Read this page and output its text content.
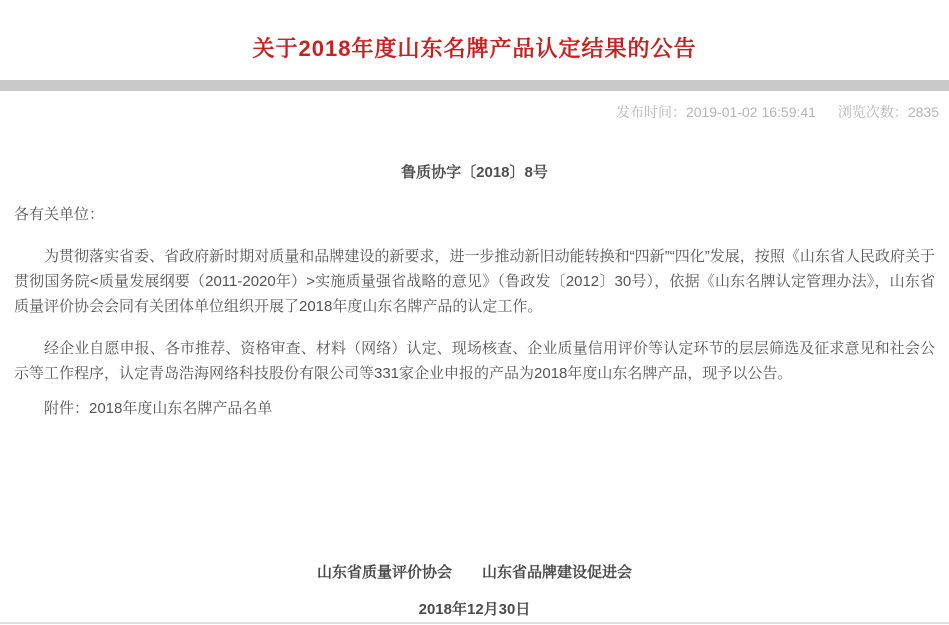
关于2018年度山东名牌产品认定结果的公告
发布时间：2019-01-02 16:59:41 浏览次数：2835
鲁质协字〔2018〕8号
各有关单位：

为贯彻落实省委、省政府新时期对质量和品牌建设的新要求，进一步推动新旧动能转换和“四新”“四化”发展，按照《山东省人民政府关于贯彻国务院<质量发展纲要（2011-2020年）>实施质量强省战略的意见》（鲁政发〔2012〕30号），依据《山东名牌认定管理办法》，山东省质量评价协会会同有关团体单位组织开展了2018年度山东名牌产品的认定工作。

经企业自愿申报、各市推荐、资格审查、材料（网络）认定、现场核查、企业质量信用评价等认定环节的层层筛选及征求意见和社会公示等工作程序，认定青岛浩海网络科技股份有限公司等331家企业申报的产品为2018年度山东名牌产品，现予以公告。

附件：2018年度山东名牌产品名单
山东省质量评价协会 山东省品牌建设促进会
2018年12月30日
